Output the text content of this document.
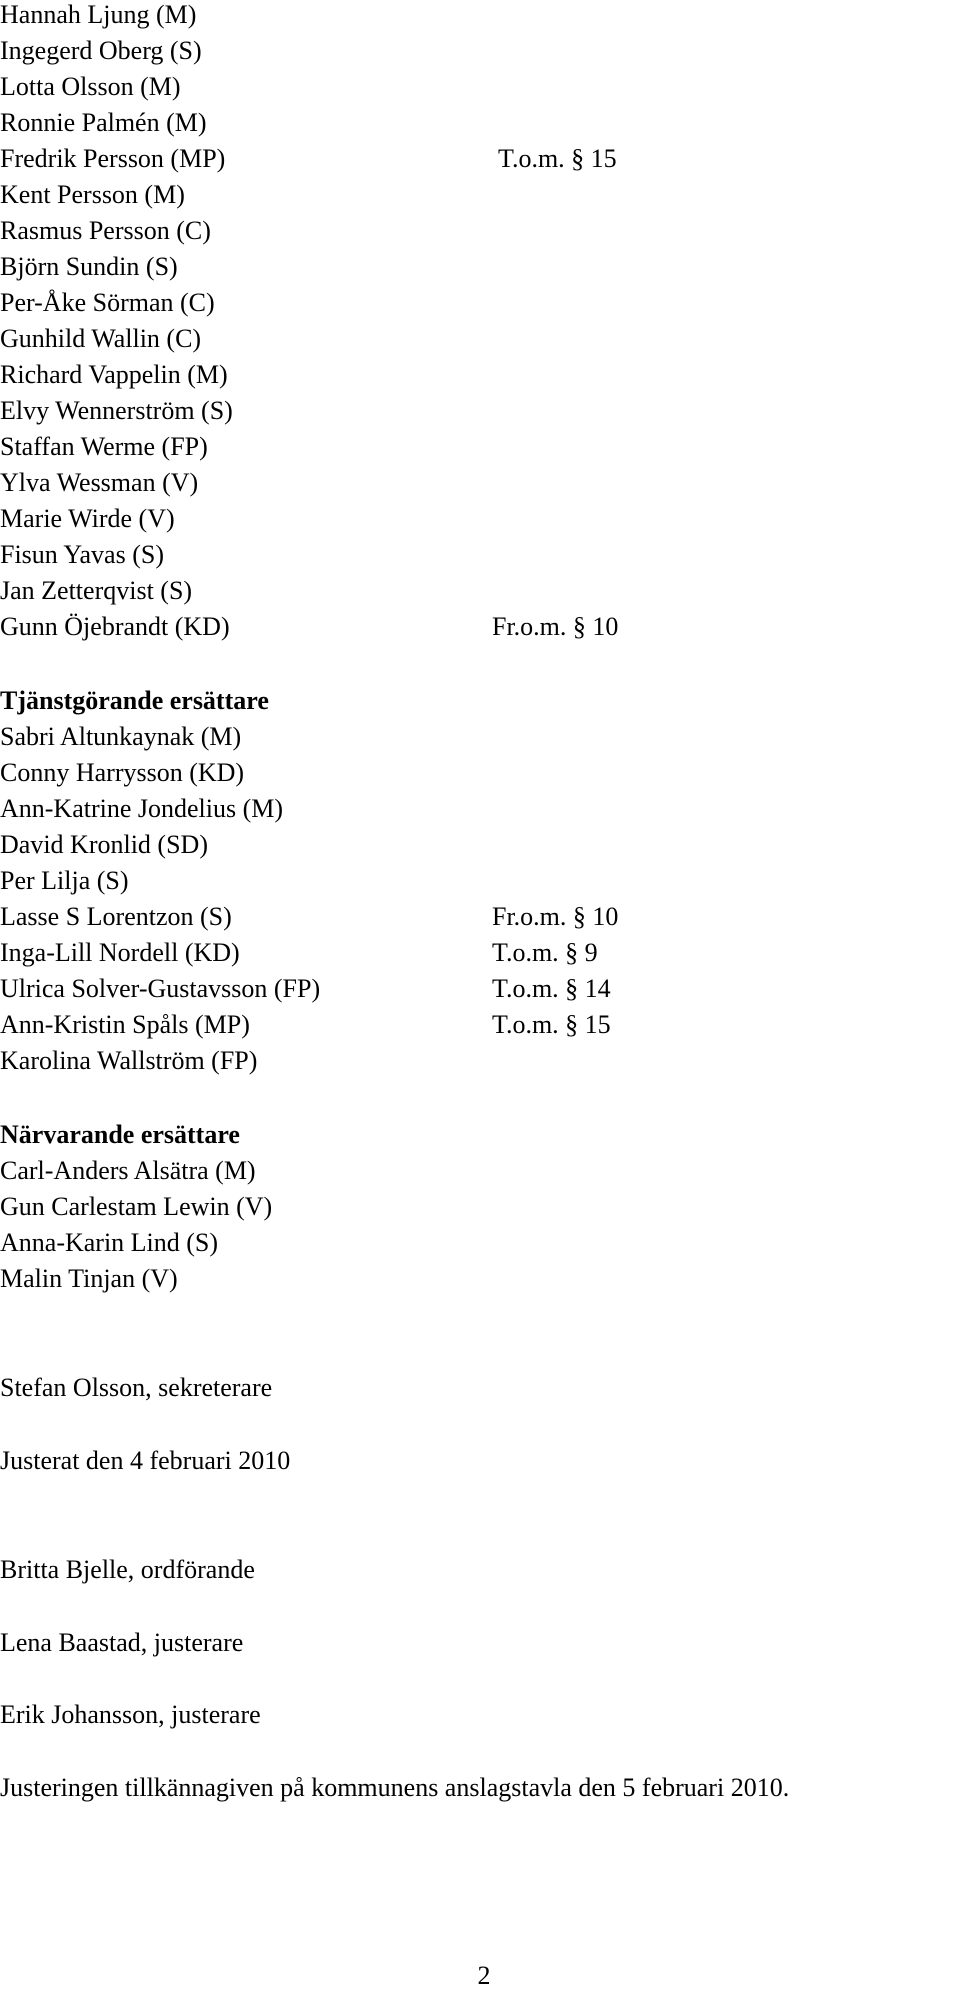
Hannah Ljung (M)
Ingegerd Oberg (S)
Lotta Olsson (M)
Ronnie Palmén (M)
Fredrik Persson (MP)	T.o.m. § 15
Kent Persson (M)
Rasmus Persson (C)
Björn Sundin (S)
Per-Åke Sörman (C)
Gunhild Wallin (C)
Richard Vappelin (M)
Elvy Wennerström (S)
Staffan Werme (FP)
Ylva Wessman (V)
Marie Wirde (V)
Fisun Yavas (S)
Jan Zetterqvist (S)
Gunn Öjebrandt (KD)	Fr.o.m. § 10
Tjänstgörande ersättare
Sabri Altunkaynak (M)
Conny Harrysson (KD)
Ann-Katrine Jondelius (M)
David Kronlid (SD)
Per Lilja (S)
Lasse S Lorentzon (S)	Fr.o.m. § 10
Inga-Lill Nordell (KD)	T.o.m. § 9
Ulrica Solver-Gustavsson (FP)	T.o.m. § 14
Ann-Kristin Spåls (MP)	T.o.m. § 15
Karolina Wallström (FP)
Närvarande ersättare
Carl-Anders Alsätra (M)
Gun Carlestam Lewin (V)
Anna-Karin Lind (S)
Malin Tinjan (V)
Stefan Olsson, sekreterare
Justerat den 4 februari 2010
Britta Bjelle, ordförande
Lena Baastad, justerare
Erik Johansson, justerare
Justeringen tillkännagiven på kommunens anslagstavla den 5 februari 2010.
2
